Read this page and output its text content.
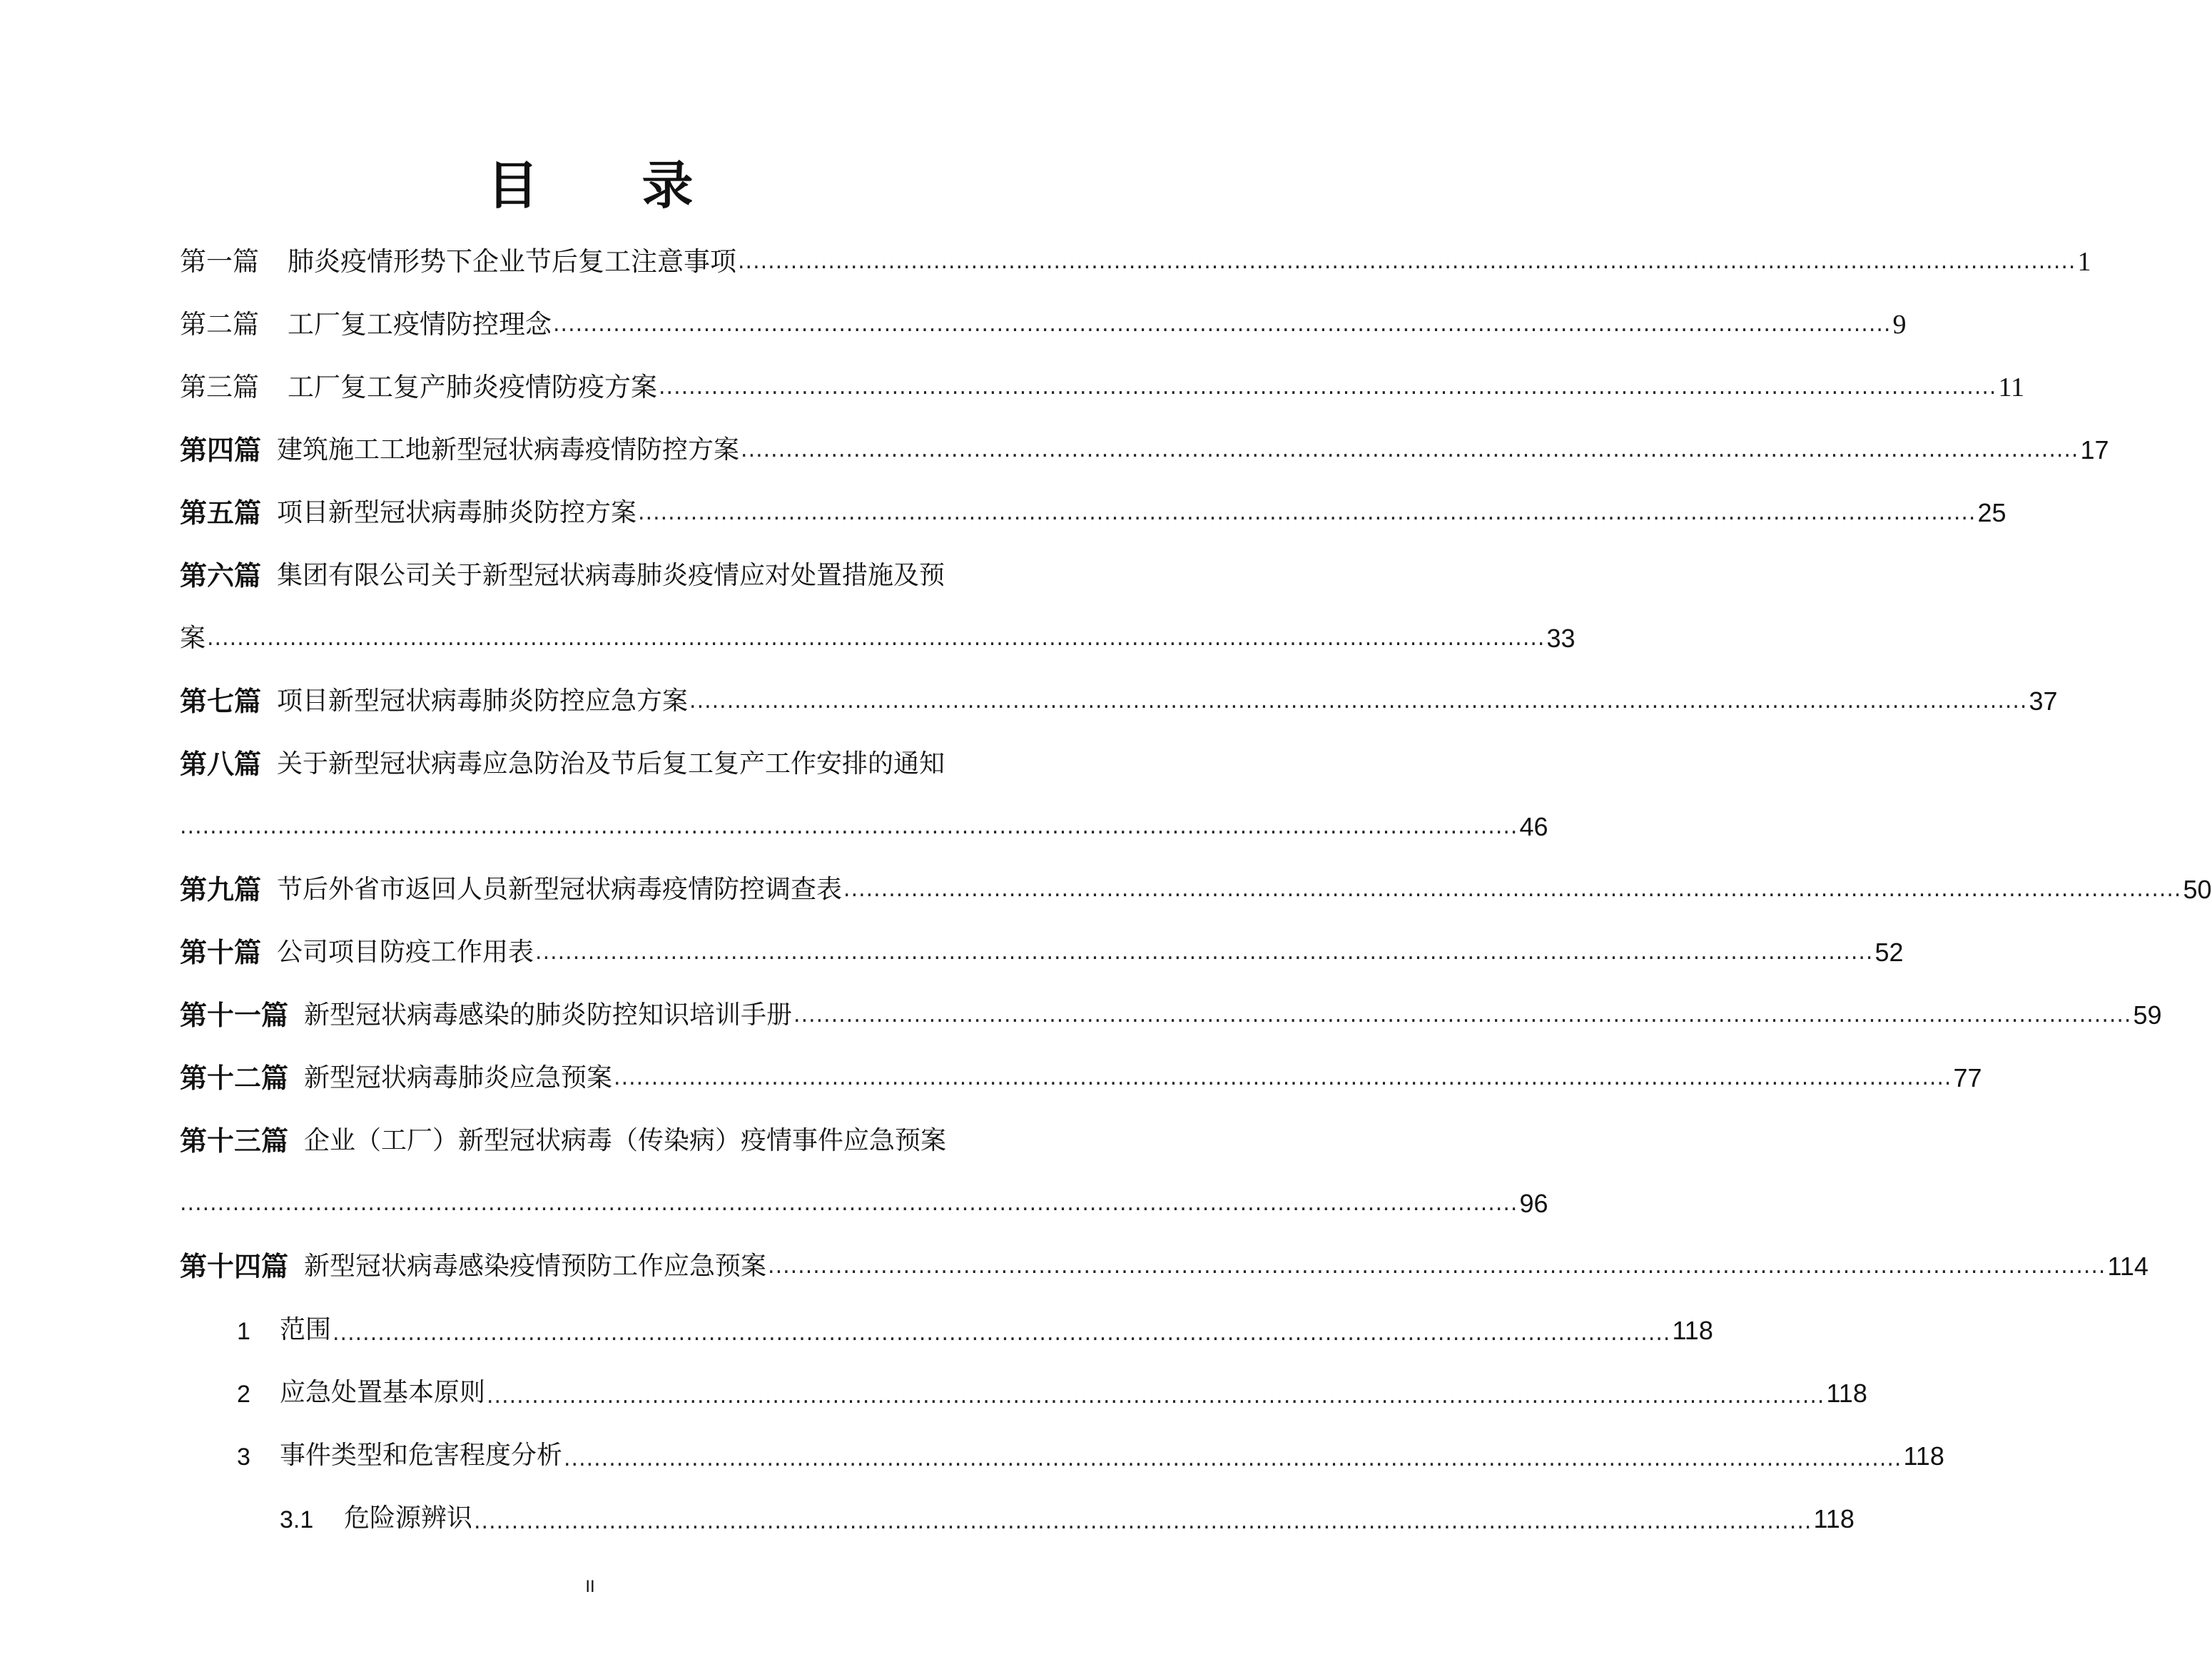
目 录
第一篇 肺炎疫情形势下企业节后复工注意事项 .................................................................................................................................................................................. 1
第二篇 工厂复工疫情防控理念 .................................................................................................................................................................................. 9
第三篇 工厂复工复产肺炎疫情防疫方案 .................................................................................................................................................................................. 11
第四篇 建筑施工工地新型冠状病毒疫情防控方案 .................................................................................................................................................................................. 17
第五篇 项目新型冠状病毒肺炎防控方案 .................................................................................................................................................................................. 25
第六篇 集团有限公司关于新型冠状病毒肺炎疫情应对处置措施及预
案 .................................................................................................................................................................................. 33
第七篇 项目新型冠状病毒肺炎防控应急方案 .................................................................................................................................................................................. 37
第八篇 关于新型冠状病毒应急防治及节后复工复产工作安排的通知
.................................................................................................................................................................................. 46
第九篇 节后外省市返回人员新型冠状病毒疫情防控调查表 .................................................................................................................................................................................. 50
第十篇 公司项目防疫工作用表 .................................................................................................................................................................................. 52
第十一篇 新型冠状病毒感染的肺炎防控知识培训手册 .................................................................................................................................................................................. 59
第十二篇 新型冠状病毒肺炎应急预案 .................................................................................................................................................................................. 77
第十三篇 企业（工厂）新型冠状病毒（传染病）疫情事件应急预案
.................................................................................................................................................................................. 96
第十四篇 新型冠状病毒感染疫情预防工作应急预案 .................................................................................................................................................................................. 114
1	范围 .................................................................................................................................................................................. 118
2	应急处置基本原则 .................................................................................................................................................................................. 118
3	事件类型和危害程度分析 .................................................................................................................................................................................. 118
3.1	危险源辨识 .................................................................................................................................................................................. 118
II
